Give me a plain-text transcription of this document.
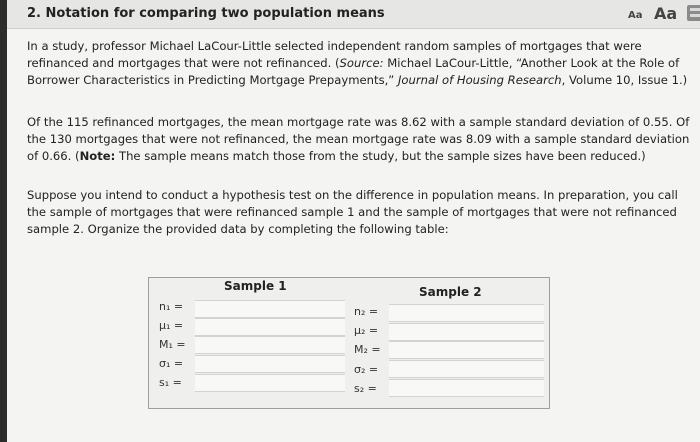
2. Notation for comparing two population means	Aa Aa
In a study, professor Michael LaCour-Little selected independent random samples of mortgages that were refinanced and mortgages that were not refinanced. (Source: Michael LaCour-Little, “Another Look at the Role of Borrower Characteristics in Predicting Mortgage Prepayments,” Journal of Housing Research, Volume 10, Issue 1.)
Of the 115 refinanced mortgages, the mean mortgage rate was 8.62 with a sample standard deviation of 0.55. Of the 130 mortgages that were not refinanced, the mean mortgage rate was 8.09 with a sample standard deviation of 0.66. (Note: The sample means match those from the study, but the sample sizes have been reduced.)
Suppose you intend to conduct a hypothesis test on the difference in population means. In preparation, you call the sample of mortgages that were refinanced sample 1 and the sample of mortgages that were not refinanced sample 2. Organize the provided data by completing the following table:
Sample 1	Sample 2
n₁ =
μ₁ =
M₁ =
σ₁ =
s₁ =
n₂ =
μ₂ =
M₂ =
σ₂ =
s₂ =
